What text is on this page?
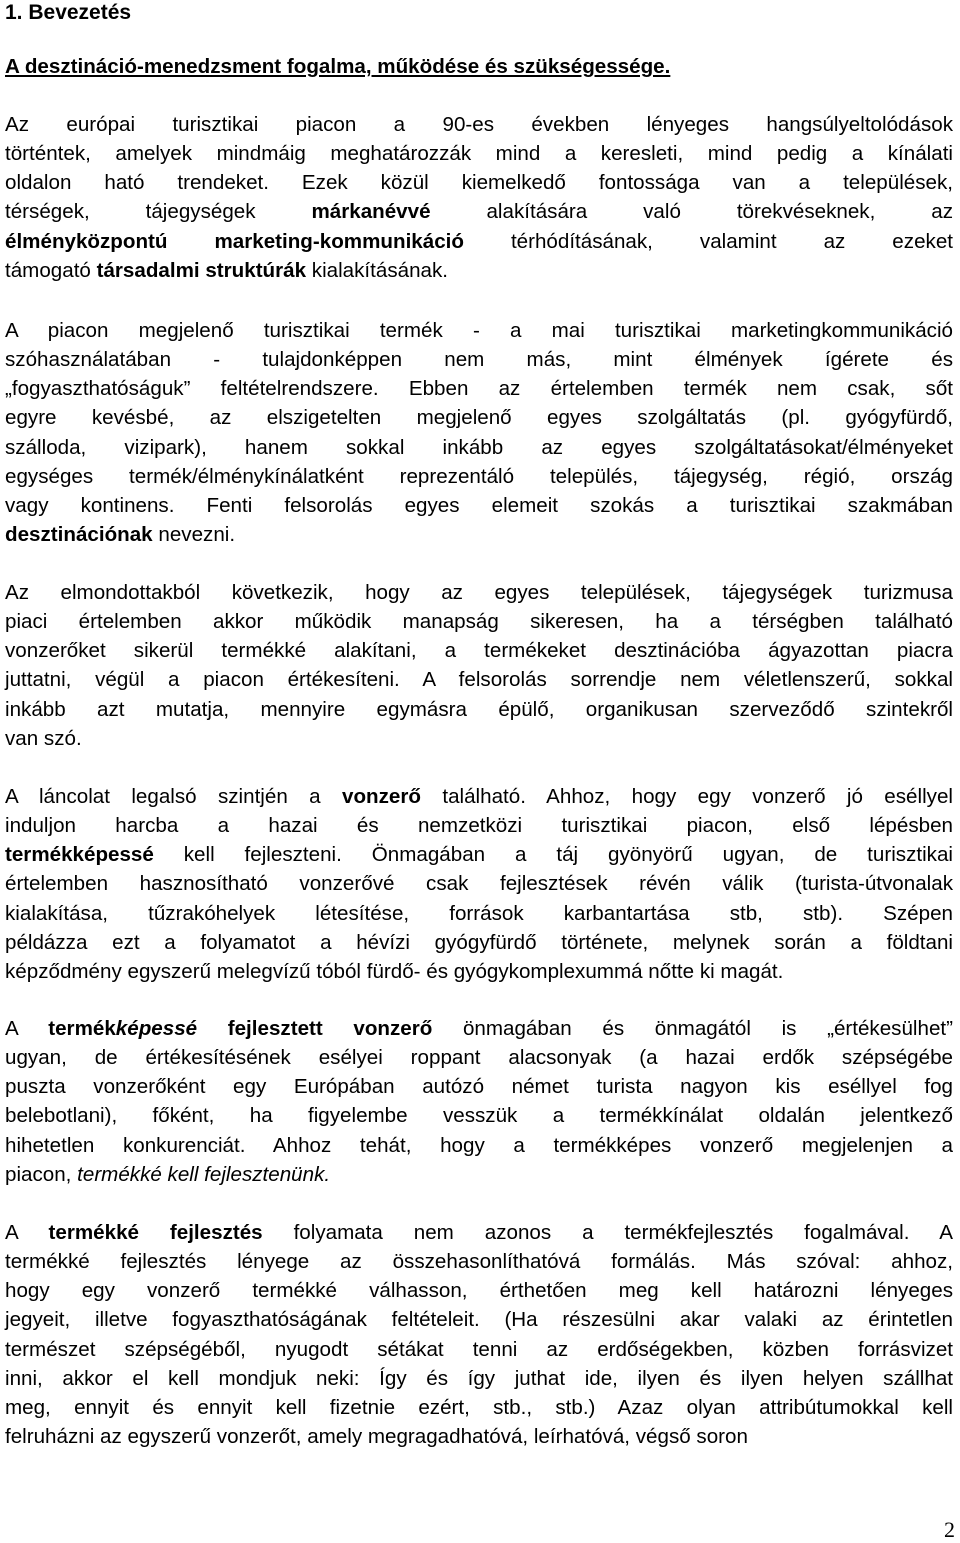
1. Bevezetés
A desztináció-menedzsment fogalma, működése és szükségessége.
Az európai turisztikai piacon a 90-es években lényeges hangsúlyeltolódások
történtek, amelyek mindmáig meghatározzák mind a keresleti, mind pedig a kínálati
oldalon ható trendeket. Ezek közül kiemelkedő fontossága van a települések,
térségek, tájegységek márkanévvé alakítására való törekvéseknek, az
élményközpontú marketing-kommunikáció térhódításának, valamint az ezeket
támogató társadalmi struktúrák kialakításának.
A piacon megjelenő turisztikai termék - a mai turisztikai marketingkommunikáció
szóhasználatában - tulajdonképpen nem más, mint élmények ígérete és
„fogyaszthatóságuk” feltételrendszere. Ebben az értelemben termék nem csak, sőt
egyre kevésbé, az elszigetelten megjelenő egyes szolgáltatás (pl. gyógyfürdő,
szálloda, vizipark), hanem sokkal inkább az egyes szolgáltatásokat/élményeket
egységes termék/élménykínálatként reprezentáló település, tájegység, régió, ország
vagy kontinens. Fenti felsorolás egyes elemeit szokás a turisztikai szakmában
desztinációnak nevezni.
Az elmondottakból következik, hogy az egyes települések, tájegységek turizmusa
piaci értelemben akkor működik manapság sikeresen, ha a térségben található
vonzerőket sikerül termékké alakítani, a termékeket desztinációba ágyazottan piacra
juttatni, végül a piacon értékesíteni. A felsorolás sorrendje nem véletlenszerű, sokkal
inkább azt mutatja, mennyire egymásra épülő, organikusan szerveződő szintekről
van szó.
A láncolat legalsó szintjén a vonzerő található. Ahhoz, hogy egy vonzerő jó eséllyel
induljon harcba a hazai és nemzetközi turisztikai piacon, első lépésben
termékképessé kell fejleszteni. Önmagában a táj gyönyörű ugyan, de turisztikai
értelemben hasznosítható vonzerővé csak fejlesztések révén válik (turista-útvonalak
kialakítása, tűzrakóhelyek létesítése, források karbantartása stb, stb). Szépen
példázza ezt a folyamatot a hévízi gyógyfürdő története, melynek során a földtani
képződmény egyszerű melegvízű tóból fürdő- és gyógykomplexummá nőtte ki magát.
A termékképessé fejlesztett vonzerő önmagában és önmagától is „értékesülhet”
ugyan, de értékesítésének esélyei roppant alacsonyak (a hazai erdők szépségébe
puszta vonzerőként egy Európában autózó német turista nagyon kis eséllyel fog
belebotlani), főként, ha figyelembe vesszük a termékkínálat oldalán jelentkező
hihetetlen konkurenciát. Ahhoz tehát, hogy a termékképes vonzerő megjelenjen a
piacon, termékké kell fejlesztenünk.
A termékké fejlesztés folyamata nem azonos a termékfejlesztés fogalmával. A
termékké fejlesztés lényege az összehasonlíthatóvá formálás. Más szóval: ahhoz,
hogy egy vonzerő termékké válhasson, érthetően meg kell határozni lényeges
jegyeit, illetve fogyaszthatóságának feltételeit. (Ha részesülni akar valaki az érintetlen
természet szépségéből, nyugodt sétákat tenni az erdőségekben, közben forrásvizet
inni, akkor el kell mondjuk neki: Így és így juthat ide, ilyen és ilyen helyen szállhat
meg, ennyit és ennyit kell fizetnie ezért, stb., stb.) Azaz olyan attribútumokkal kell
felruházni az egyszerű vonzerőt, amely megragadhatóvá, leírhatóvá, végső soron
2
